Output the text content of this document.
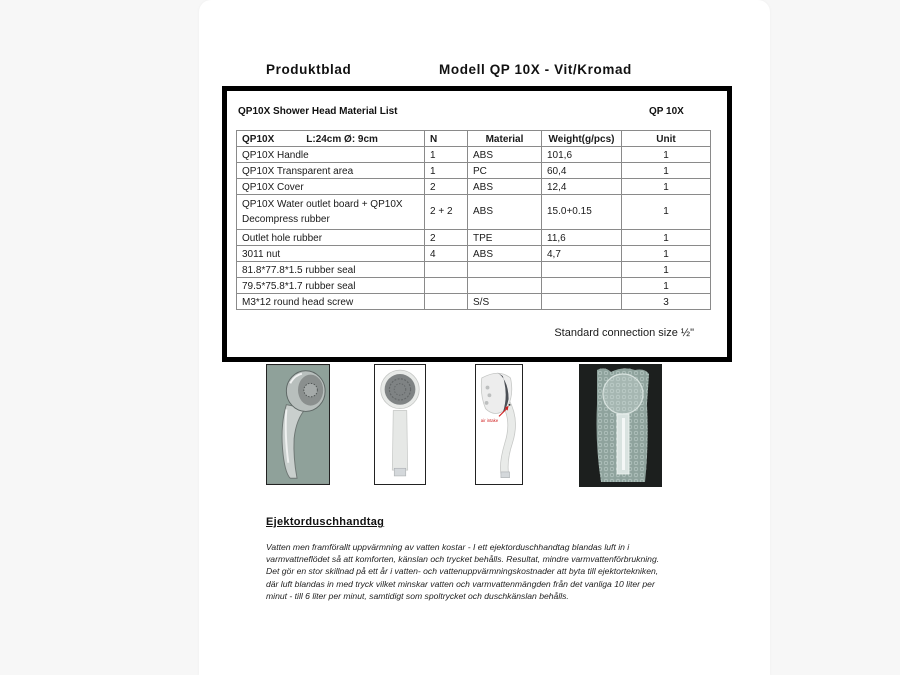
Produktblad	Modell QP 10X - Vit/Kromad
QP10X Shower Head Material List	QP 10X
QP10X L:24cm Ø: 9cm	N	Material	Weight(g/pcs)	Unit
QP10X Handle	1	ABS	101,6	1
QP10X Transparent area	1	PC	60,4	1
QP10X Cover	2	ABS	12,4	1

QP10X Water outlet board + QP10X
Decompress rubber	2 + 2	ABS	15.0+0.15	1
Outlet hole rubber	2	TPE	11,6	1
3011 nut	4	ABS	4,7	1
81.8*77.8*1.5 rubber seal				1
79.5*75.8*1.7 rubber seal				1
M3*12 round head screw		S/S		3
Standard connection size ½"
air intake
Ejektorduschhandtag
Vatten men framförallt uppvärmning av vatten kostar - I ett ejektorduschhandtag blandas luft in i
varmvattneflödet så att komforten, känslan och trycket behålls. Resultat, mindre varmvattenförbrukning.
Det gör en stor skillnad på ett år i vatten- och vattenuppvärmningskostnader att byta till ejektortekniken,
där luft blandas in med tryck vilket minskar vatten och varmvattenmängden från det vanliga 10 liter per
minut - till 6 liter per minut, samtidigt som spoltrycket och duschkänslan behålls.
